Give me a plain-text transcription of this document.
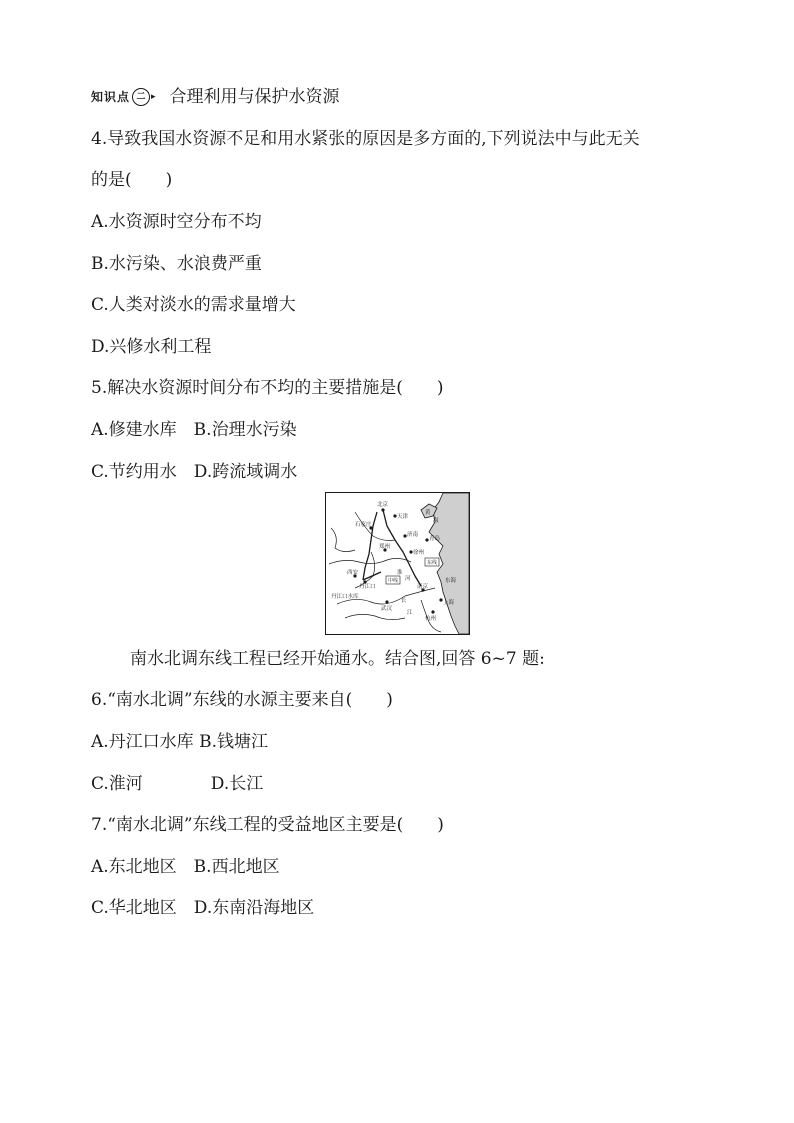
知识点 二 ▸ 合理利用与保护水资源
4.导致我国水资源不足和用水紧张的原因是多方面的,下列说法中与此无关
的是(　　)
A.水资源时空分布不均
B.水污染、水浪费严重
C.人类对淡水的需求量增大
D.兴修水利工程
5.解决水资源时间分布不均的主要措施是(　　)
A.修建水库　B.治理水污染
C.节约用水　D.跨流域调水
北京
天津
石家庄
济南
青岛
郑州
徐州
西安
丹江口
丹江口水库
武汉
南京
上海
杭州
淮
河
长
江
黄
海
东海
中线
东线
南水北调东线工程已经开始通水。结合图,回答 6~7 题:
6.“南水北调”东线的水源主要来自(　　)
A.丹江口水库 B.钱塘江
C.淮河　　　　D.长江
7.“南水北调”东线工程的受益地区主要是(　　)
A.东北地区　B.西北地区
C.华北地区　D.东南沿海地区
